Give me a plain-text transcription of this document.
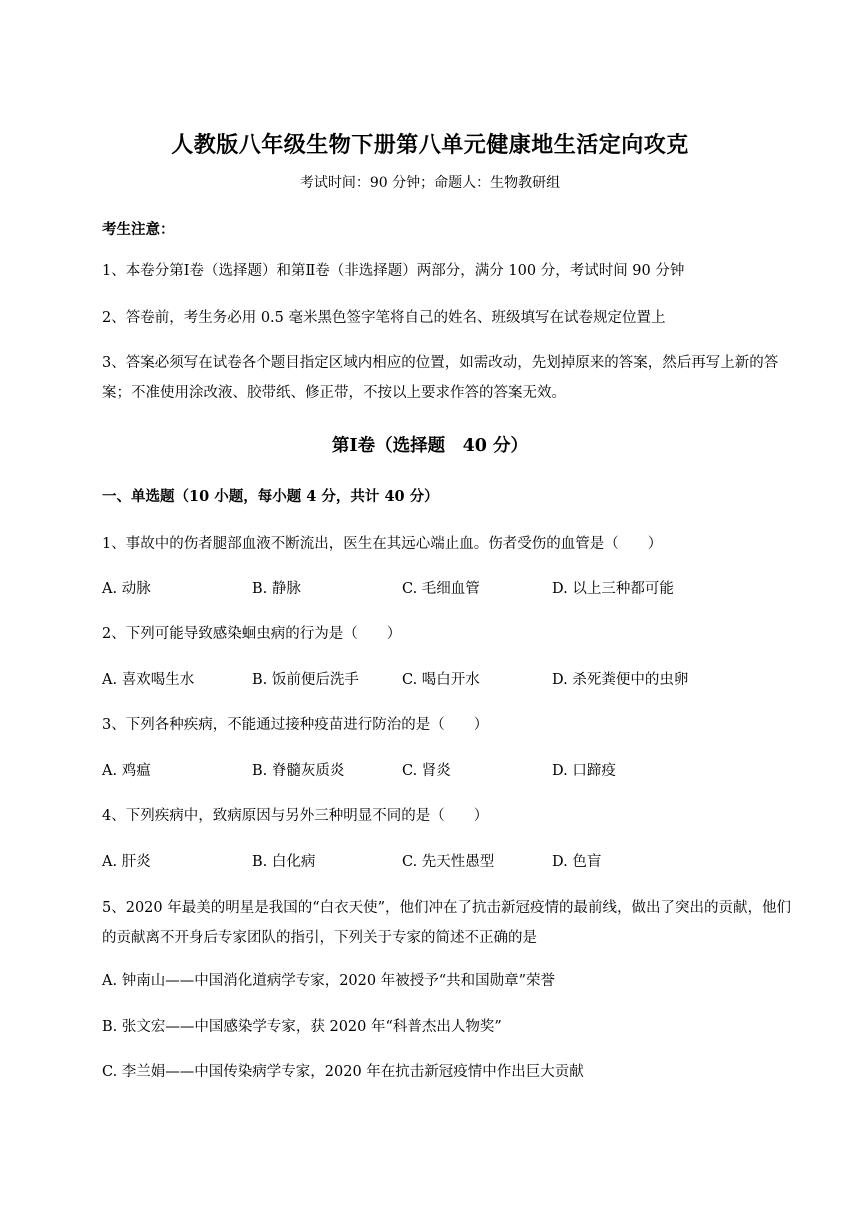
人教版八年级生物下册第八单元健康地生活定向攻克
考试时间：90 分钟；命题人：生物教研组
考生注意：
1、本卷分第Ⅰ卷（选择题）和第Ⅱ卷（非选择题）两部分，满分 100 分，考试时间 90 分钟
2、答卷前，考生务必用 0.5 毫米黑色签字笔将自己的姓名、班级填写在试卷规定位置上
3、答案必须写在试卷各个题目指定区域内相应的位置，如需改动，先划掉原来的答案，然后再写上新的答案；不准使用涂改液、胶带纸、修正带，不按以上要求作答的答案无效。
第Ⅰ卷（选择题　40 分）
一、单选题（10 小题，每小题 4 分，共计 40 分）
1、事故中的伤者腿部血液不断流出，医生在其远心端止血。伤者受伤的血管是（　　）
A. 动脉	B. 静脉	C. 毛细血管	D. 以上三种都可能
2、下列可能导致感染蛔虫病的行为是（　　）
A. 喜欢喝生水	B. 饭前便后洗手	C. 喝白开水	D. 杀死粪便中的虫卵
3、下列各种疾病，不能通过接种疫苗进行防治的是（　　）
A. 鸡瘟	B. 脊髓灰质炎	C. 肾炎	D. 口蹄疫
4、下列疾病中，致病原因与另外三种明显不同的是（　　）
A. 肝炎	B. 白化病	C. 先天性愚型	D. 色盲
5、2020 年最美的明星是我国的“白衣天使”，他们冲在了抗击新冠疫情的最前线，做出了突出的贡献，他们的贡献离不开身后专家团队的指引，下列关于专家的简述不正确的是
A. 钟南山——中国消化道病学专家，2020 年被授予“共和国勋章”荣誉
B. 张文宏——中国感染学专家，获 2020 年“科普杰出人物奖”
C. 李兰娟——中国传染病学专家，2020 年在抗击新冠疫情中作出巨大贡献
